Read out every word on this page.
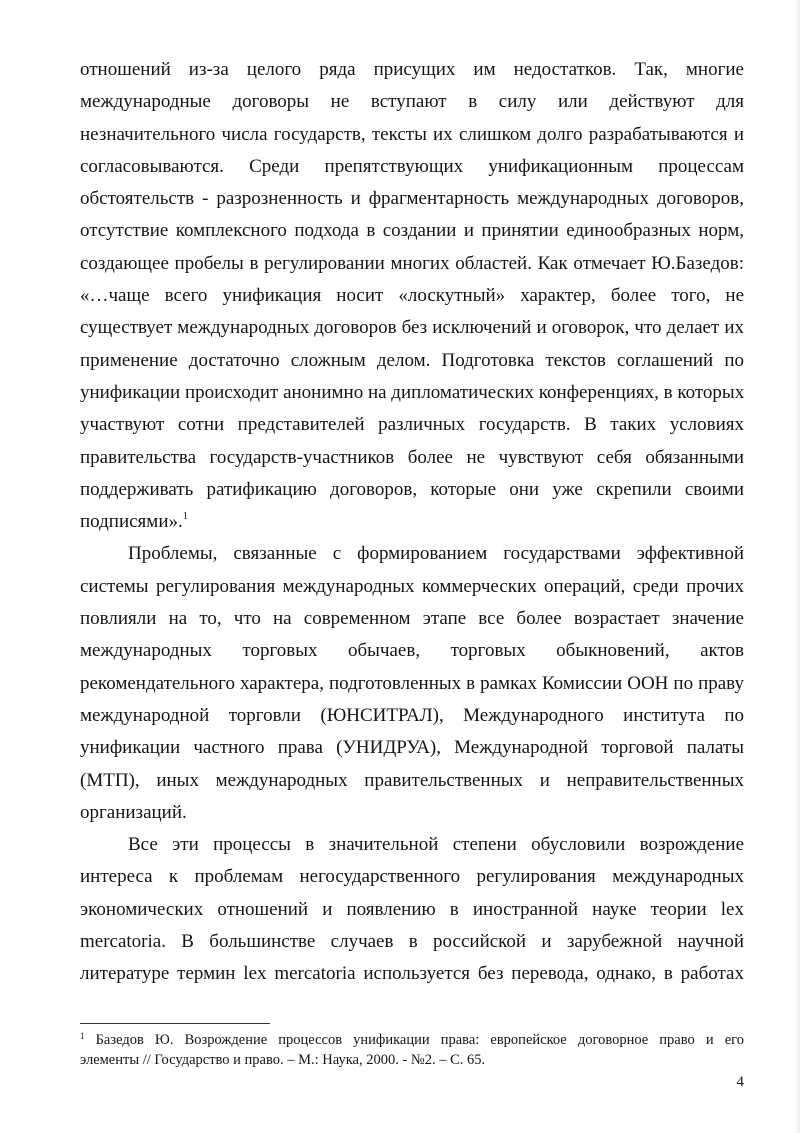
отношений из-за целого ряда присущих им недостатков. Так, многие
международные договоры не вступают в силу или действуют для
незначительного числа государств, тексты их слишком долго разрабатываются и
согласовываются. Среди препятствующих унификационным процессам
обстоятельств - разрозненность и фрагментарность международных договоров,
отсутствие комплексного подхода в создании и принятии единообразных норм,
создающее пробелы в регулировании многих областей. Как отмечает Ю.Базедов:
«…чаще всего унификация носит «лоскутный» характер, более того, не
существует международных договоров без исключений и оговорок, что делает их
применение достаточно сложным делом. Подготовка текстов соглашений по
унификации происходит анонимно на дипломатических конференциях, в которых
участвуют сотни представителей различных государств. В таких условиях
правительства государств-участников более не чувствуют себя обязанными
поддерживать ратификацию договоров, которые они уже скрепили своими
подписями».$^1$

Проблемы, связанные с формированием государствами эффективной
системы регулирования международных коммерческих операций, среди прочих
повлияли на то, что на современном этапе все более возрастает значение
международных торговых обычаев, торговых обыкновений, актов
рекомендательного характера, подготовленных в рамках Комиссии ООН по праву
международной торговли (ЮНСИТРАЛ), Международного института по
унификации частного права (УНИДРУА), Международной торговой палаты
(МТП), иных международных правительственных и неправительственных
организаций.

Все эти процессы в значительной степени обусловили возрождение
интереса к проблемам негосударственного регулирования международных
экономических отношений и появлению в иностранной науке теории lex
mercatoria. В большинстве случаев в российской и зарубежной научной
литературе термин lex mercatoria используется без перевода, однако, в работах

$^1$ Базедов Ю. Возрождение процессов унификации права: европейское договорное право и его
элементы // Государство и право. – М.: Наука, 2000. - №2. – С. 65.
4
